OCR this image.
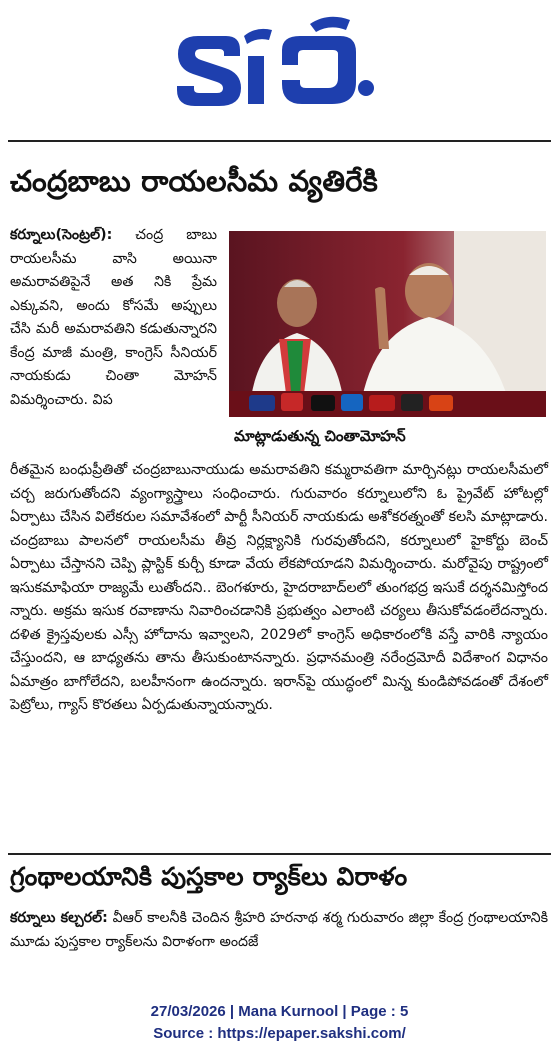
చంద్రబాబు రాయలసీమ వ్యతిరేకి
కర్నూలు(సెంట్రల్): చంద్ర బాబు రాయలసీమ వాసి అయినా అమరావతిపైనే అత నికి ప్రేమ ఎక్కువని, అందు కోసమే అప్పులు చేసి మరీ అమరావతిని కడుతున్నారని కేంద్ర మాజీ మంత్రి, కాంగ్రెస్ సీనియర్ నాయకుడు చింతా మోహన్ విమర్శించారు. విప
మాట్లాడుతున్న చింతామోహన్
రీతమైన బంధుప్రీతితో చంద్రబాబునాయుడు అమరావతిని కమ్మరావతిగా మార్చినట్లు రాయలసీమలో చర్చ జరుగుతోందని వ్యంగ్యాస్త్రాలు సంధించారు. గురువారం కర్నూలులోని ఓ ప్రైవేట్ హోటల్లో ఏర్పాటు చేసిన విలేకరుల సమావేశంలో పార్టీ సీనియర్ నాయకుడు అశోకరత్నంతో కలసి మాట్లాడారు. చంద్రబాబు పాలనలో రాయలసీమ తీవ్ర నిర్లక్ష్యానికి గురవుతోందని, కర్నూలులో హైకోర్టు బెంచ్ ఏర్పాటు చేస్తానని చెప్పి ప్లాస్టిక్ కుర్చీ కూడా వేయ లేకపోయాడని విమర్శించారు. మరోవైపు రాష్ట్రంలో ఇసుకమాఫియా రాజ్యమే లుతోందని.. బెంగళూరు, హైదరాబాద్‌లలో తుంగభద్ర ఇసుకే దర్శనమిస్తోంద న్నారు. అక్రమ ఇసుక రవాణాను నివారించడానికి ప్రభుత్వం ఎలాంటి చర్యలు తీసుకోవడంలేదన్నారు. దళిత క్రైస్తవులకు ఎస్సీ హోదాను ఇవ్వాలని, 2029లో కాంగ్రెస్ అధికారంలోకి వస్తే వారికి న్యాయం చేస్తుందని, ఆ బాధ్యతను తాను తీసుకుంటానన్నారు. ప్రధానమంత్రి నరేంద్రమోదీ విదేశాంగ విధానం ఏమాత్రం బాగోలేదని, బలహీనంగా ఉందన్నారు. ఇరాన్‌పై యుద్ధంలో మిన్న కుండిపోవడంతో దేశంలో పెట్రోలు, గ్యాస్ కొరతలు ఏర్పడుతున్నాయన్నారు.
గ్రంథాలయానికి పుస్తకాల ర్యాక్‌లు విరాళం
కర్నూలు కల్చరల్: వీఆర్ కాలనీకి చెందిన శ్రీహరి హరనాథ శర్మ గురువారం జిల్లా కేంద్ర గ్రంథాలయానికి మూడు పుస్తకాల ర్యాక్‌లను విరాళంగా అందజే
27/03/2026 | Mana Kurnool | Page : 5
Source : https://epaper.sakshi.com/
